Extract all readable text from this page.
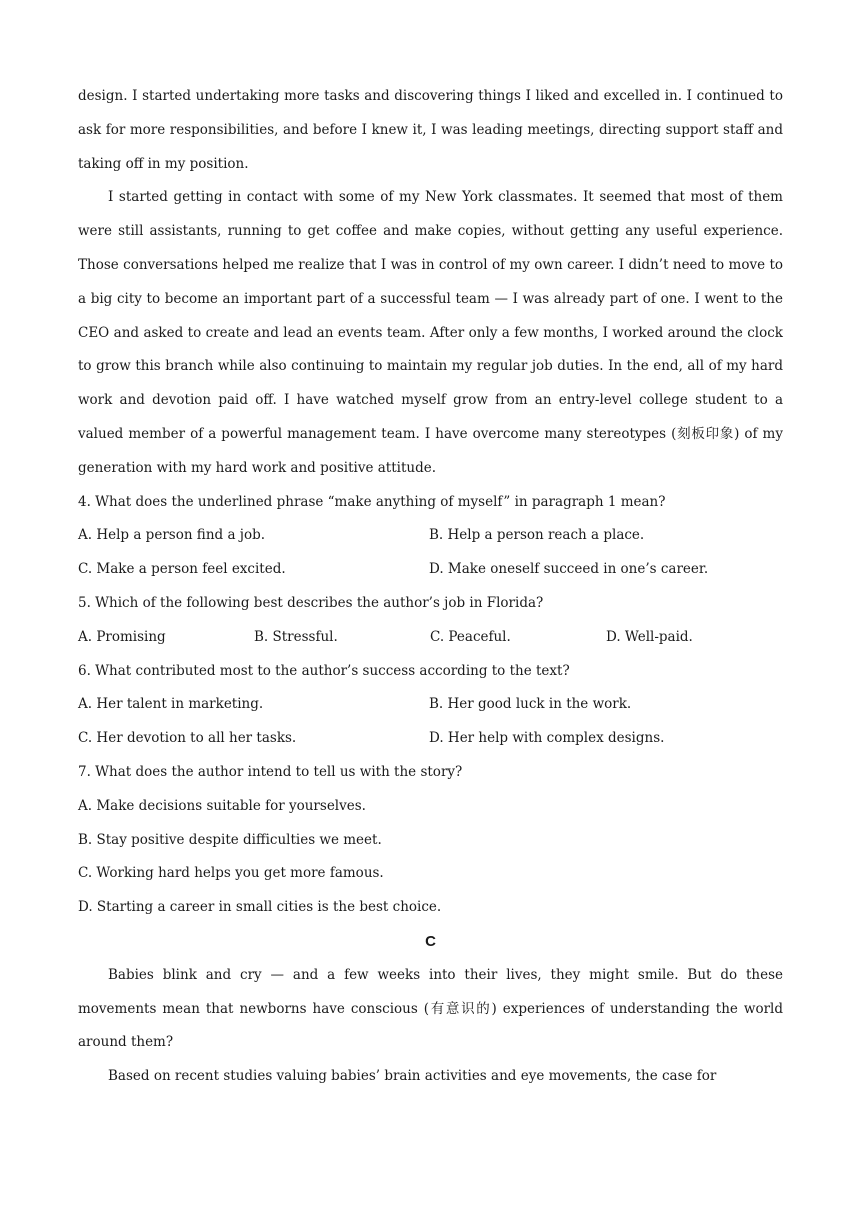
design. I started undertaking more tasks and discovering things I liked and excelled in. I continued to ask for more responsibilities, and before I knew it, I was leading meetings, directing support staff and taking off in my position.

I started getting in contact with some of my New York classmates. It seemed that most of them were still assistants, running to get coffee and make copies, without getting any useful experience. Those conversations helped me realize that I was in control of my own career. I didn’t need to move to a big city to become an important part of a successful team — I was already part of one. I went to the CEO and asked to create and lead an events team. After only a few months, I worked around the clock to grow this branch while also continuing to maintain my regular job duties. In the end, all of my hard work and devotion paid off. I have watched myself grow from an entry-level college student to a valued member of a powerful management team. I have overcome many stereotypes (刻板印象) of my generation with my hard work and positive attitude.

4. What does the underlined phrase “make anything of myself” in paragraph 1 mean?

A. Help a person find a job.	B. Help a person reach a place.
C. Make a person feel excited.	D. Make oneself succeed in one’s career.

5. Which of the following best describes the author’s job in Florida?

A. Promising	B. Stressful.	C. Peaceful.	D. Well-paid.

6. What contributed most to the author’s success according to the text?

A. Her talent in marketing.	B. Her good luck in the work.
C. Her devotion to all her tasks.	D. Her help with complex designs.

7. What does the author intend to tell us with the story?

A. Make decisions suitable for yourselves.

B. Stay positive despite difficulties we meet.

C. Working hard helps you get more famous.

D. Starting a career in small cities is the best choice.

C

Babies blink and cry — and a few weeks into their lives, they might smile. But do these movements mean that newborns have conscious (有意识的) experiences of understanding the world around them?

Based on recent studies valuing babies’ brain activities and eye movements, the case for
